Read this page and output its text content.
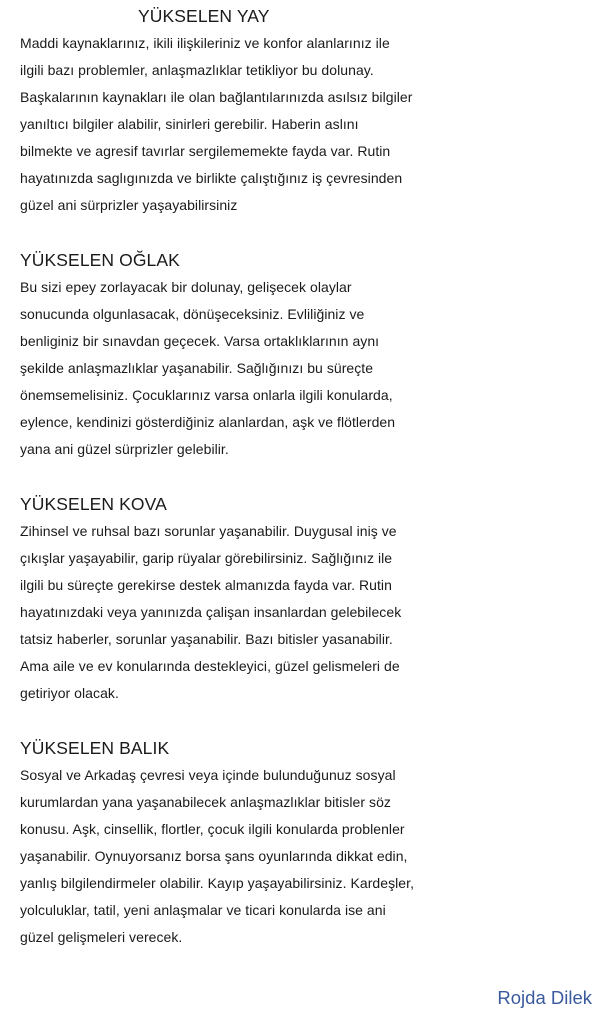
YÜKSELEN YAY
Maddi kaynaklarınız, ikili ilişkileriniz ve konfor alanlarınız ile
ilgili bazı problemler, anlaşmazlıklar tetikliyor bu dolunay.
Başkalarının kaynakları ile olan bağlantılarınızda asılsız bilgiler
yanıltıcı bilgiler alabilir, sinirleri gerebilir. Haberin aslını
bilmekte ve agresif tavırlar sergilememekte fayda var. Rutin
hayatınızda saglıgınızda ve birlikte çalıştığınız iş çevresinden
güzel ani sürprizler yaşayabilirsiniz
YÜKSELEN OĞLAK
Bu sizi epey zorlayacak bir dolunay, gelişecek olaylar
sonucunda olgunlasacak, dönüşeceksiniz. Evliliğiniz ve
benliginiz bir sınavdan geçecek. Varsa ortaklıklarının aynı
şekilde anlaşmazlıklar yaşanabilir. Sağlığınızı bu süreçte
önemsemelisiniz. Çocuklarınız varsa onlarla ilgili konularda,
eylence, kendinizi gösterdiğiniz alanlardan, aşk ve flötlerden
yana ani güzel sürprizler gelebilir.
YÜKSELEN KOVA
Zihinsel ve ruhsal bazı sorunlar yaşanabilir. Duygusal iniş ve
çıkışlar yaşayabilir, garip rüyalar görebilirsiniz. Sağlığınız ile
ilgili bu süreçte gerekirse destek almanızda fayda var. Rutin
hayatınızdaki veya yanınızda çalişan insanlardan gelebilecek
tatsiz haberler, sorunlar yaşanabilir. Bazı bitisler yasanabilir.
Ama aile ve ev konularında destekleyici, güzel gelismeleri de
getiriyor olacak.
YÜKSELEN BALIK
Sosyal ve Arkadaş çevresi veya içinde bulunduğunuz sosyal
kurumlardan yana yaşanabilecek anlaşmazlıklar bitisler söz
konusu. Aşk, cinsellik, flortler, çocuk ilgili konularda problenler
yaşanabilir. Oynuyorsanız borsa şans oyunlarında dikkat edin,
yanlış bilgilendirmeler olabilir. Kayıp yaşayabilirsiniz. Kardeşler,
yolculuklar, tatil, yeni anlaşmalar ve ticari konularda ise ani
güzel gelişmeleri verecek.
Rojda Dilek
